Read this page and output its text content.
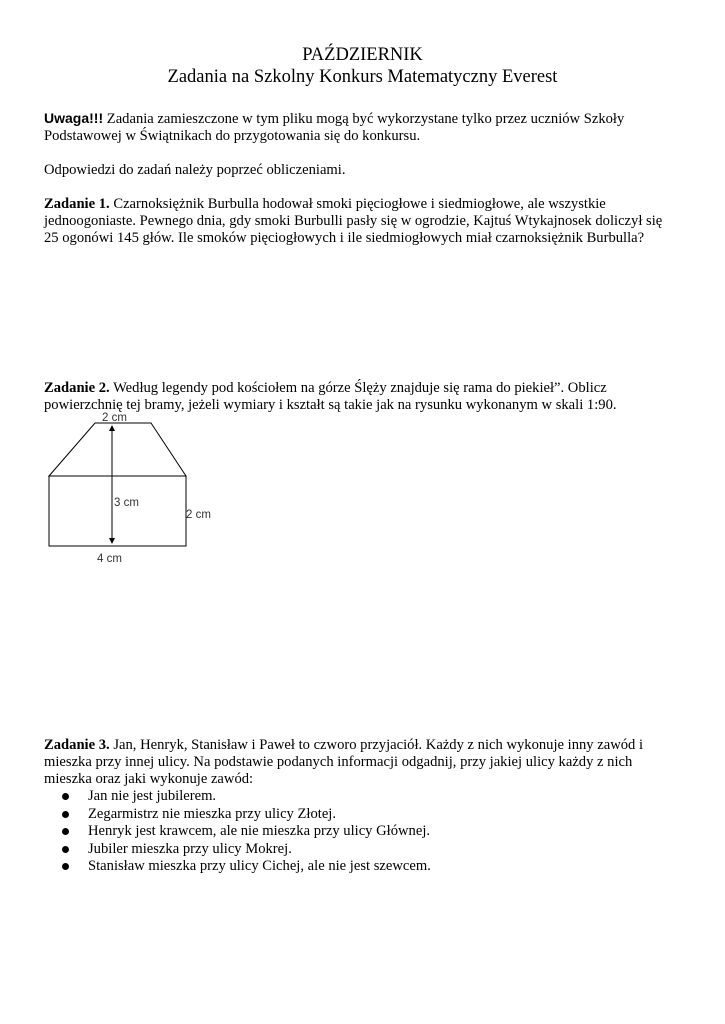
PAŹDZIERNIK
Zadania na Szkolny Konkurs Matematyczny Everest
Uwaga!!! Zadania zamieszczone w tym pliku mogą być wykorzystane tylko przez uczniów Szkoły
Podstawowej w Świątnikach do przygotowania się do konkursu.
Odpowiedzi do zadań należy poprzeć obliczeniami.
Zadanie 1. Czarnoksiężnik Burbulla hodował smoki pięciogłowe i siedmiogłowe, ale wszystkie
jednoogoniaste. Pewnego dnia, gdy smoki Burbulli pasły się w ogrodzie, Kajtuś Wtykajnosek doliczył się
25 ogonówi 145 głów. Ile smoków pięciogłowych i ile siedmiogłowych miał czarnoksiężnik Burbulla?
Zadanie 2. Według legendy pod kościołem na górze Ślęży znajduje się rama do piekieł”. Oblicz
powierzchnię tej bramy, jeżeli wymiary i kształt są takie jak na rysunku wykonanym w skali 1:90.
2 cm
3 cm
2 cm
4 cm
Zadanie 3. Jan, Henryk, Stanisław i Paweł to czworo przyjaciół. Każdy z nich wykonuje inny zawód i
mieszka przy innej ulicy. Na podstawie podanych informacji odgadnij, przy jakiej ulicy każdy z nich
mieszka oraz jaki wykonuje zawód:
Jan nie jest jubilerem.
Zegarmistrz nie mieszka przy ulicy Złotej.
Henryk jest krawcem, ale nie mieszka przy ulicy Głównej.
Jubiler mieszka przy ulicy Mokrej.
Stanisław mieszka przy ulicy Cichej, ale nie jest szewcem.
